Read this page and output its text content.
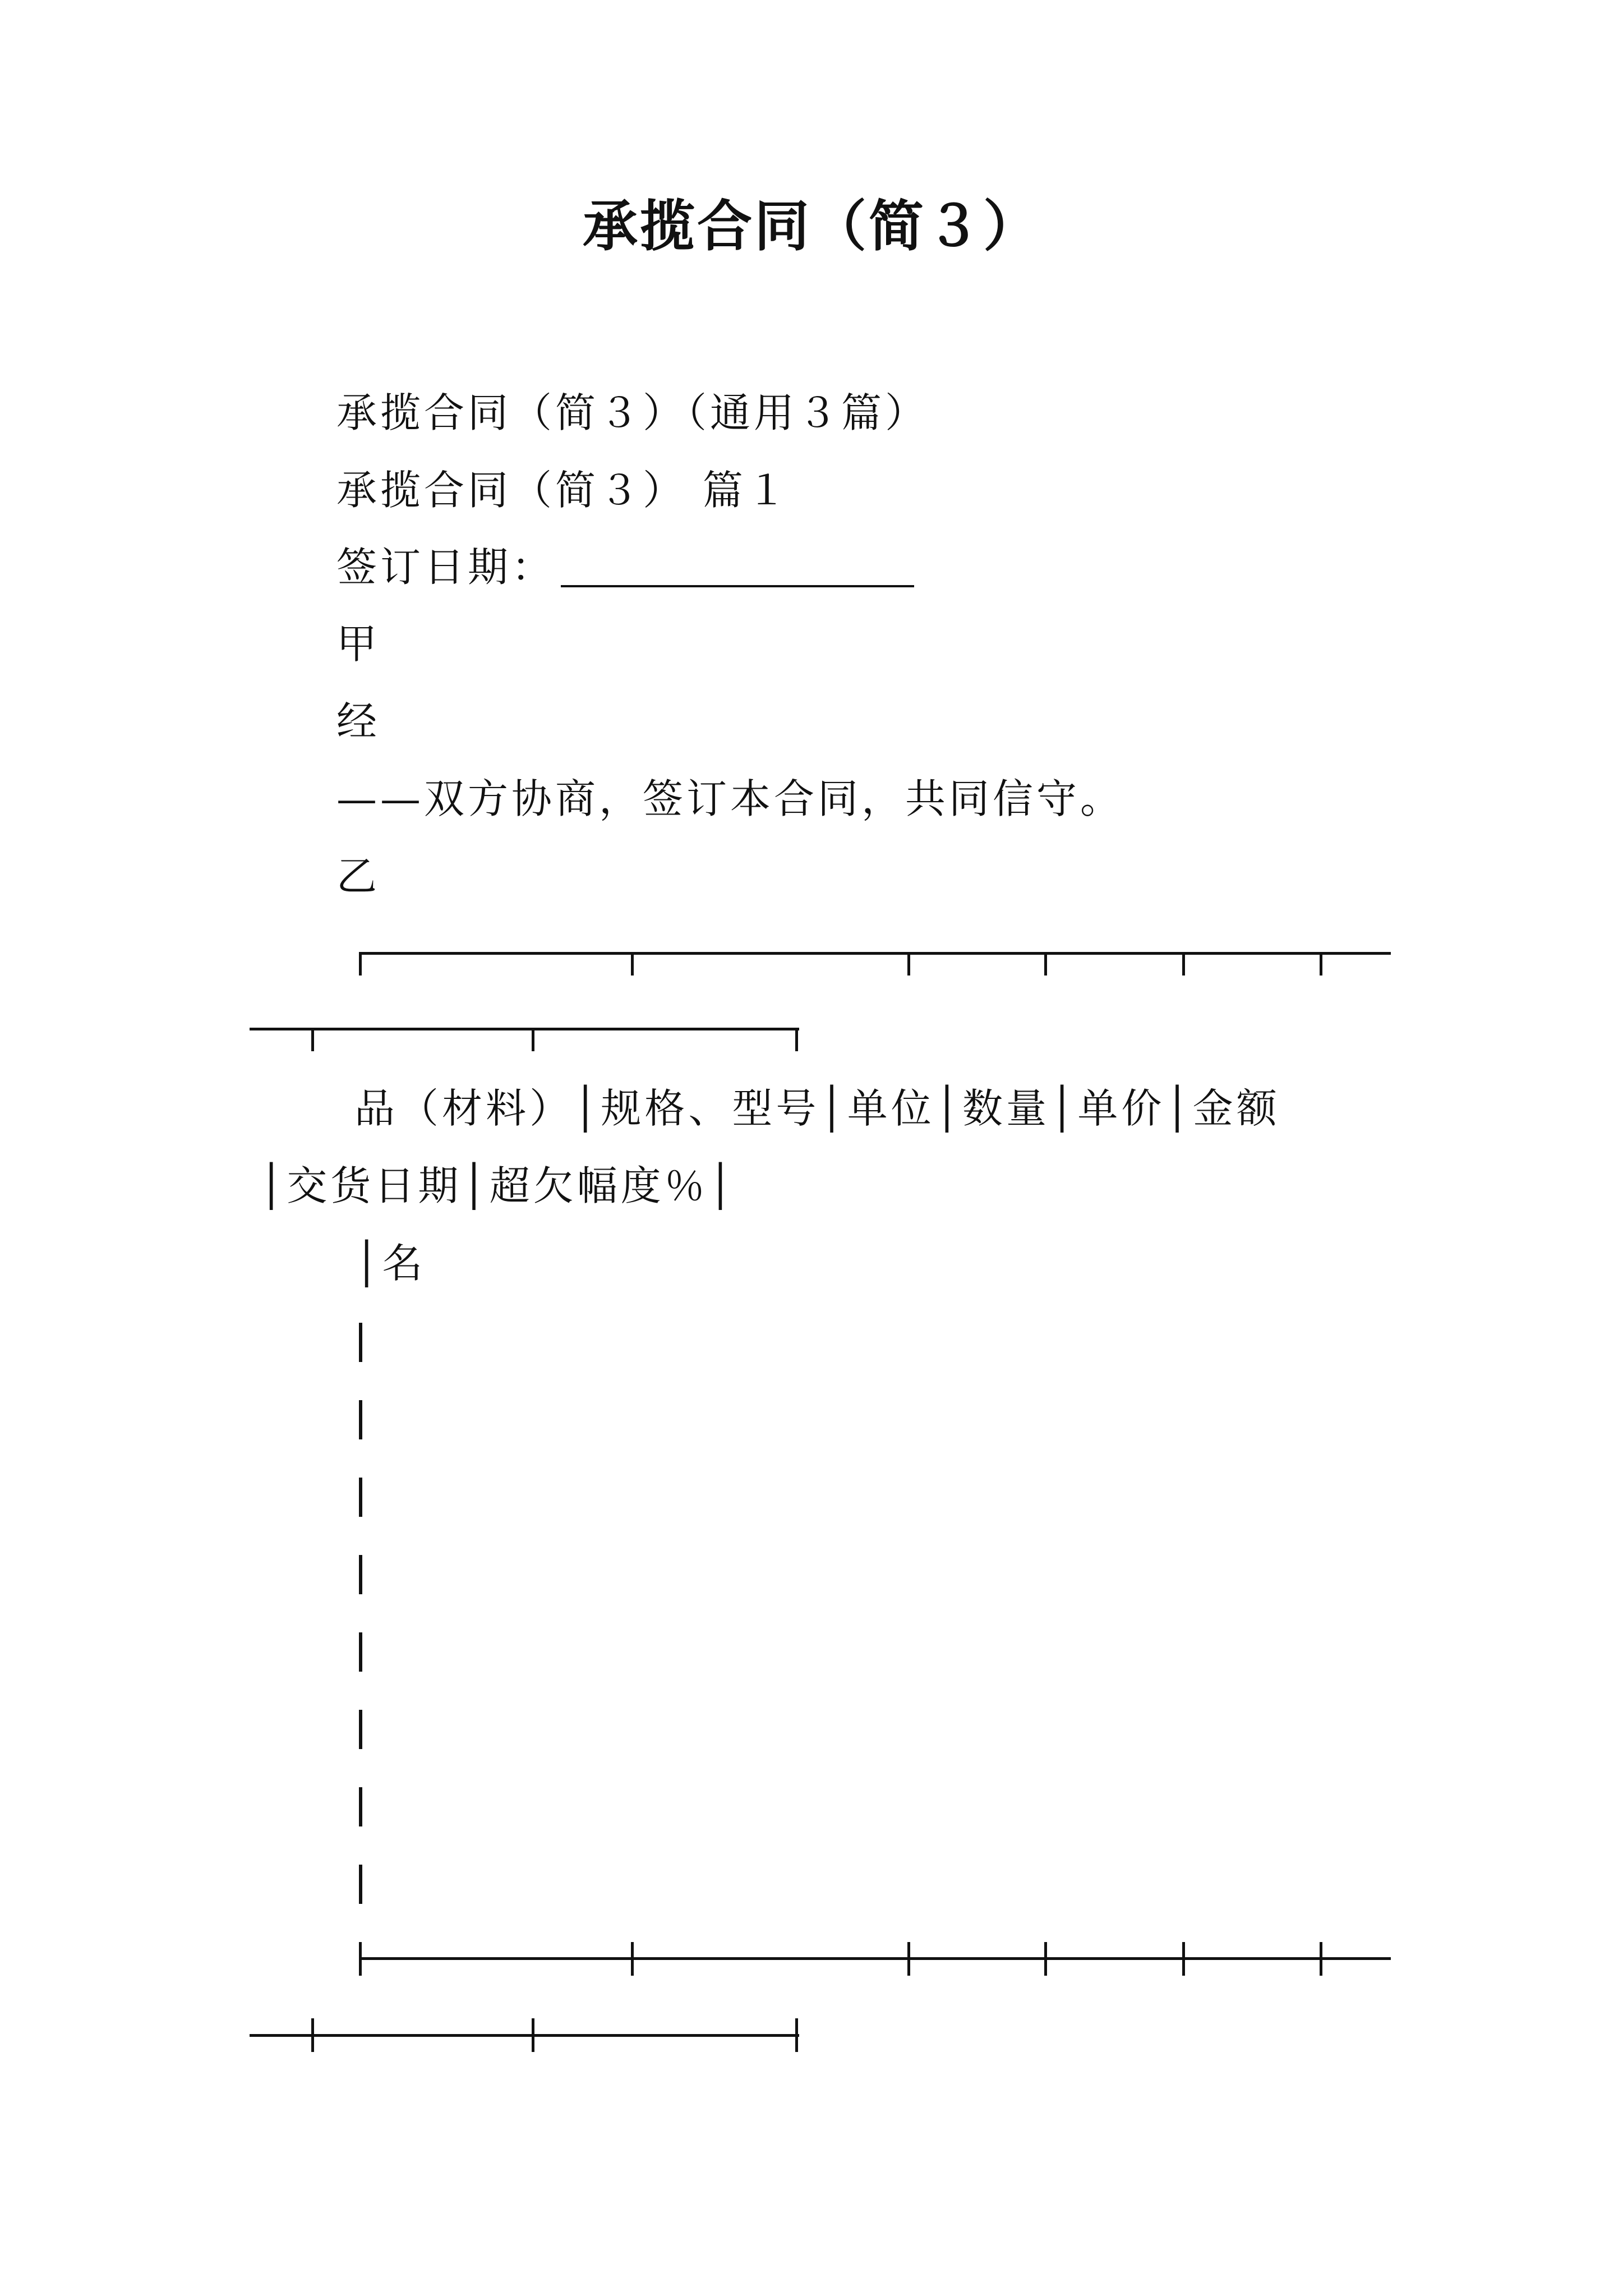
承揽合同（简３）
承揽合同（简３）（通用３篇）
承揽合同（简３） 篇１
签订日期：
甲
经
——双方协商，签订本合同，共同信守。
乙
品（材料）│规格、型号│单位│数量│单价│金额
│交货日期│超欠幅度％│
│名
